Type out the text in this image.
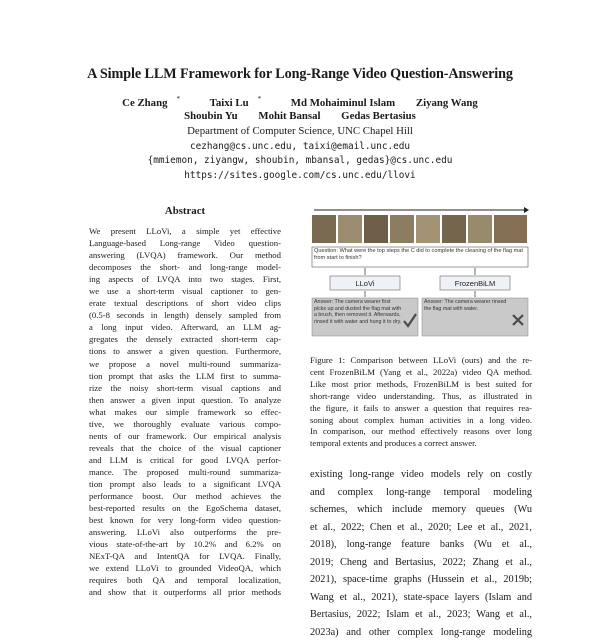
A Simple LLM Framework for Long-Range Video Question-Answering
Ce Zhang *	Taixi Lu *	Md Mohaiminul Islam Ziyang Wang
Shoubin Yu Mohit Bansal Gedas Bertasius
Department of Computer Science, UNC Chapel Hill
cezhang@cs.unc.edu, taixi@email.unc.edu
{mmiemon, ziyangw, shoubin, mbansal, gedas}@cs.unc.edu
https://sites.google.com/cs.unc.edu/llovi
Abstract
We present LLoVi, a simple yet effective
Language-based Long-range Video question-
answering (LVQA) framework. Our method
decomposes the short- and long-range model-
ing aspects of LVQA into two stages. First,
we use a short-term visual captioner to gen-
erate textual descriptions of short video clips
(0.5-8 seconds in length) densely sampled from
a long input video. Afterward, an LLM ag-
gregates the densely extracted short-term cap-
tions to answer a given question. Furthermore,
we propose a novel multi-round summariza-
tion prompt that asks the LLM first to summa-
rize the noisy short-term visual captions and
then answer a given input question. To analyze
what makes our simple framework so effec-
tive, we thoroughly evaluate various compo-
nents of our framework. Our empirical analysis
reveals that the choice of the visual captioner
and LLM is critical for good LVQA perfor-
mance. The proposed multi-round summariza-
tion prompt also leads to a significant LVQA
performance boost. Our method achieves the
best-reported results on the EgoSchema dataset,
best known for very long-form video question-
answering. LLoVi also outperforms the pre-
vious state-of-the-art by 10.2% and 6.2% on
NExT-QA and IntentQA for LVQA. Finally,
we extend LLoVi to grounded VideoQA, which
requires both QA and temporal localization,
and show that it outperforms all prior methods
Question: What were the top steps the C did to complete the cleaning of the flag mat from start to finish?
LLoVi	FrozenBiLM
Answer: The camera wearer first picks up and dusted the flag mat with a brush, then removed it. Afterwards, rinsed it with water and hung it to dry.
Answer: The camera wearer rinsed the flag mat with water.
Figure 1: Comparison between LLoVi (ours) and the re-
cent FrozenBiLM (Yang et al., 2022a) video QA method.
Like most prior methods, FrozenBiLM is best suited for
short-range video understanding. Thus, as illustrated in
the figure, it fails to answer a question that requires rea-
soning about complex human activities in a long video.
In comparison, our method effectively reasons over long
temporal extents and produces a correct answer.
existing long-range video models rely on costly
and complex long-range temporal modeling
schemes, which include memory queues (Wu
et al., 2022; Chen et al., 2020; Lee et al., 2021,
2018), long-range feature banks (Wu et al.,
2019; Cheng and Bertasius, 2022; Zhang et al.,
2021), space-time graphs (Hussein et al., 2019b;
Wang et al., 2021), state-space layers (Islam and
Bertasius, 2022; Islam et al., 2023; Wang et al.,
2023a) and other complex long-range modeling
